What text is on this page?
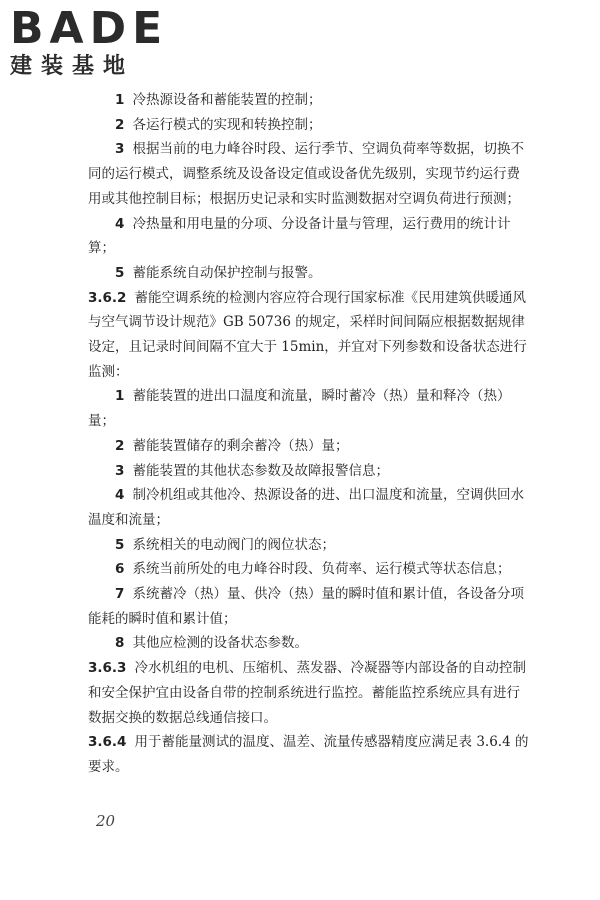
BADE
建装基地

1 冷热源设备和蓄能装置的控制；

2 各运行模式的实现和转换控制；

3 根据当前的电力峰谷时段、运行季节、空调负荷率等数据，切换不同的运行模式，调整系统及设备设定值或设备优先级别，实现节约运行费用或其他控制目标；根据历史记录和实时监测数据对空调负荷进行预测；

4 冷热量和用电量的分项、分设备计量与管理，运行费用的统计计算；

5 蓄能系统自动保护控制与报警。

3.6.2 蓄能空调系统的检测内容应符合现行国家标准《民用建筑供暖通风与空气调节设计规范》GB 50736 的规定，采样时间间隔应根据数据规律设定，且记录时间间隔不宜大于 15min，并宜对下列参数和设备状态进行监测：

1 蓄能装置的进出口温度和流量，瞬时蓄冷（热）量和释冷（热）量；

2 蓄能装置储存的剩余蓄冷（热）量；

3 蓄能装置的其他状态参数及故障报警信息；

4 制冷机组或其他冷、热源设备的进、出口温度和流量，空调供回水温度和流量；

5 系统相关的电动阀门的阀位状态；

6 系统当前所处的电力峰谷时段、负荷率、运行模式等状态信息；

7 系统蓄冷（热）量、供冷（热）量的瞬时值和累计值，各设备分项能耗的瞬时值和累计值；

8 其他应检测的设备状态参数。

3.6.3 冷水机组的电机、压缩机、蒸发器、冷凝器等内部设备的自动控制和安全保护宜由设备自带的控制系统进行监控。蓄能监控系统应具有进行数据交换的数据总线通信接口。

3.6.4 用于蓄能量测试的温度、温差、流量传感器精度应满足表 3.6.4 的要求。

20
